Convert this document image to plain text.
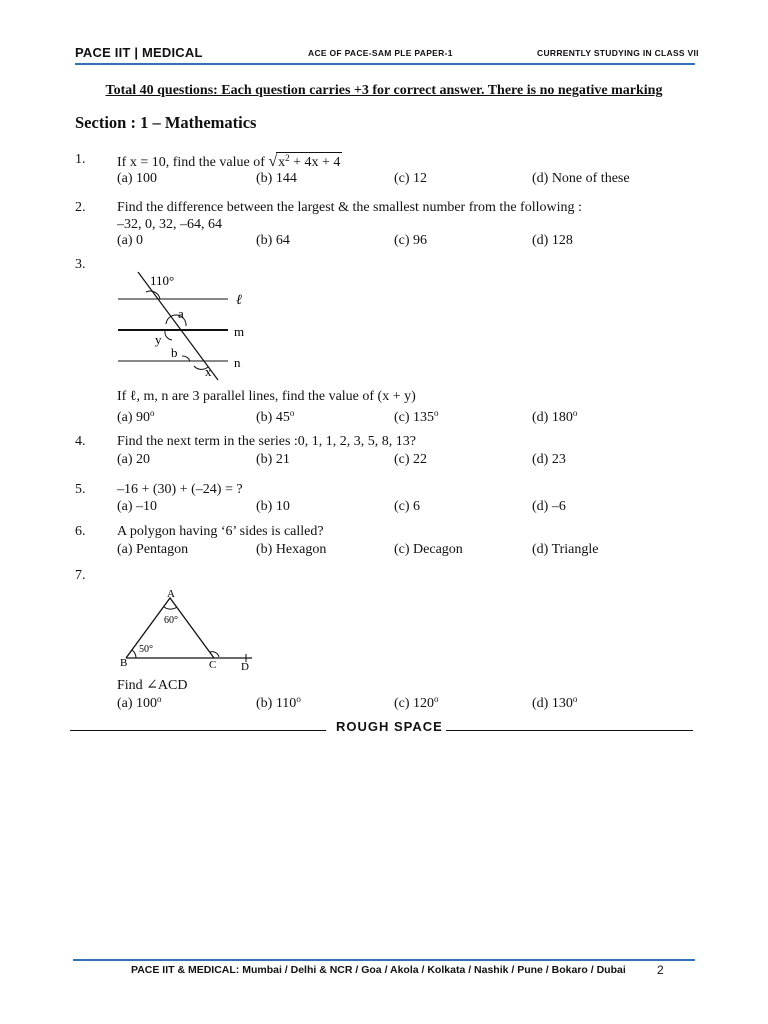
PACE IIT | MEDICAL	ACE OF PACE-SAM PLE PAPER-1	CURRENTLY STUDYING IN CLASS VII
Total 40 questions: Each question carries +3 for correct answer. There is no negative marking
Section : 1 – Mathematics
1. If x = 10, find the value of $√x^2 + 4x + 4$
(a) 100	(b) 144	(c) 12	(d) None of these
2. Find the difference between the largest & the smallest number from the following :
–32, 0, 32, –64, 64
(a) 0	(b) 64	(c) 96	(d) 128
3.
110°
ℓ
m
n
a
y
b
x
If ℓ, m, n are 3 parallel lines, find the value of (x + y)
(a) 90$^o$	(b) 45$^o$	(c) 135$^o$	(d) 180$^o$
4. Find the next term in the series :0, 1, 1, 2, 3, 5, 8, 13?
(a) 20	(b) 21	(c) 22	(d) 23
5. –16 + (30) + (–24) = ?
(a) –10	(b) 10	(c) 6	(d) –6
6. A polygon having ‘6’ sides is called?
(a) Pentagon	(b) Hexagon	(c) Decagon	(d) Triangle
7.
A
B	C D
60°
50°
Find ∠ACD
(a) 100$^o$	(b) 110$^o$	(c) 120$^o$	(d) 130$^o$
ROUGH SPACE
PACE IIT & MEDICAL: Mumbai / Delhi & NCR / Goa / Akola / Kolkata / Nashik / Pune / Bokaro / Dubai	2
